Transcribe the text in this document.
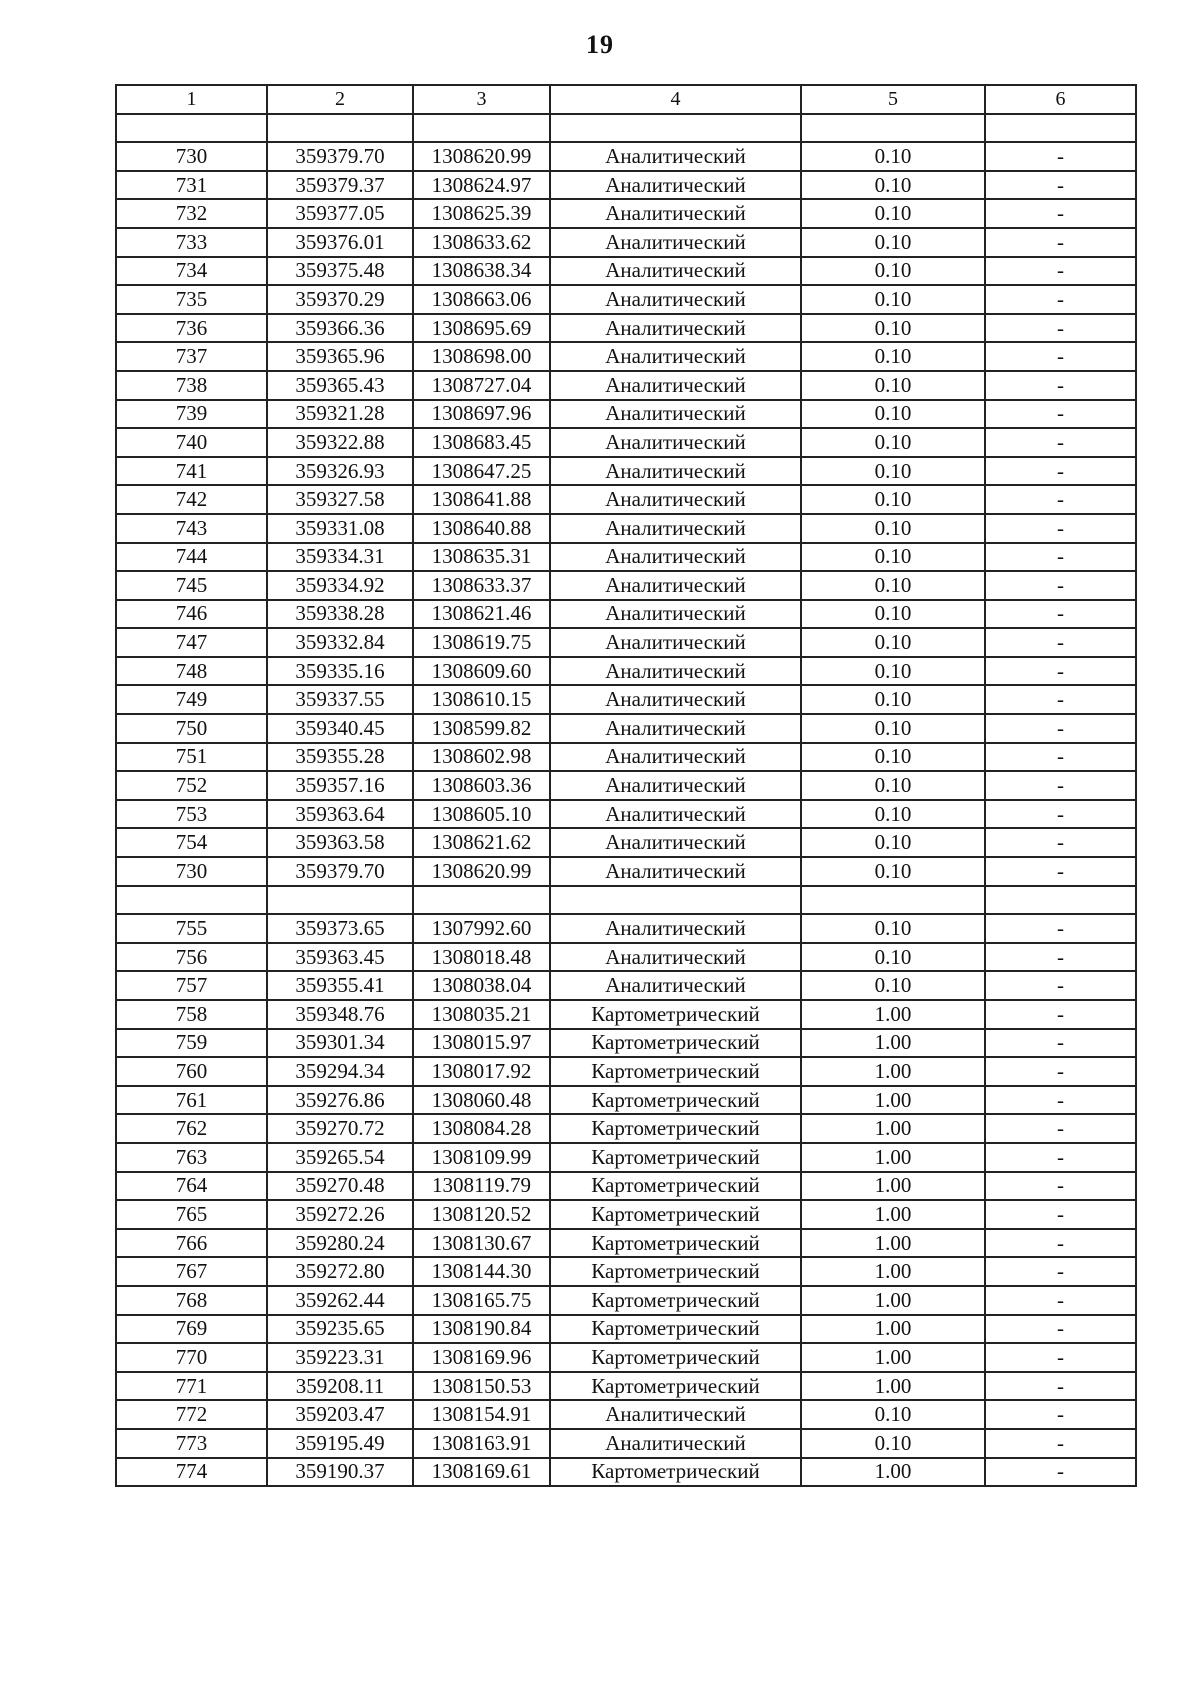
19
1	2	3	4	5	6

730	359379.70	1308620.99	Аналитический	0.10	-
731	359379.37	1308624.97	Аналитический	0.10	-
732	359377.05	1308625.39	Аналитический	0.10	-
733	359376.01	1308633.62	Аналитический	0.10	-
734	359375.48	1308638.34	Аналитический	0.10	-
735	359370.29	1308663.06	Аналитический	0.10	-
736	359366.36	1308695.69	Аналитический	0.10	-
737	359365.96	1308698.00	Аналитический	0.10	-
738	359365.43	1308727.04	Аналитический	0.10	-
739	359321.28	1308697.96	Аналитический	0.10	-
740	359322.88	1308683.45	Аналитический	0.10	-
741	359326.93	1308647.25	Аналитический	0.10	-
742	359327.58	1308641.88	Аналитический	0.10	-
743	359331.08	1308640.88	Аналитический	0.10	-
744	359334.31	1308635.31	Аналитический	0.10	-
745	359334.92	1308633.37	Аналитический	0.10	-
746	359338.28	1308621.46	Аналитический	0.10	-
747	359332.84	1308619.75	Аналитический	0.10	-
748	359335.16	1308609.60	Аналитический	0.10	-
749	359337.55	1308610.15	Аналитический	0.10	-
750	359340.45	1308599.82	Аналитический	0.10	-
751	359355.28	1308602.98	Аналитический	0.10	-
752	359357.16	1308603.36	Аналитический	0.10	-
753	359363.64	1308605.10	Аналитический	0.10	-
754	359363.58	1308621.62	Аналитический	0.10	-
730	359379.70	1308620.99	Аналитический	0.10	-

755	359373.65	1307992.60	Аналитический	0.10	-
756	359363.45	1308018.48	Аналитический	0.10	-
757	359355.41	1308038.04	Аналитический	0.10	-
758	359348.76	1308035.21	Картометрический	1.00	-
759	359301.34	1308015.97	Картометрический	1.00	-
760	359294.34	1308017.92	Картометрический	1.00	-
761	359276.86	1308060.48	Картометрический	1.00	-
762	359270.72	1308084.28	Картометрический	1.00	-
763	359265.54	1308109.99	Картометрический	1.00	-
764	359270.48	1308119.79	Картометрический	1.00	-
765	359272.26	1308120.52	Картометрический	1.00	-
766	359280.24	1308130.67	Картометрический	1.00	-
767	359272.80	1308144.30	Картометрический	1.00	-
768	359262.44	1308165.75	Картометрический	1.00	-
769	359235.65	1308190.84	Картометрический	1.00	-
770	359223.31	1308169.96	Картометрический	1.00	-
771	359208.11	1308150.53	Картометрический	1.00	-
772	359203.47	1308154.91	Аналитический	0.10	-
773	359195.49	1308163.91	Аналитический	0.10	-
774	359190.37	1308169.61	Картометрический	1.00	-
